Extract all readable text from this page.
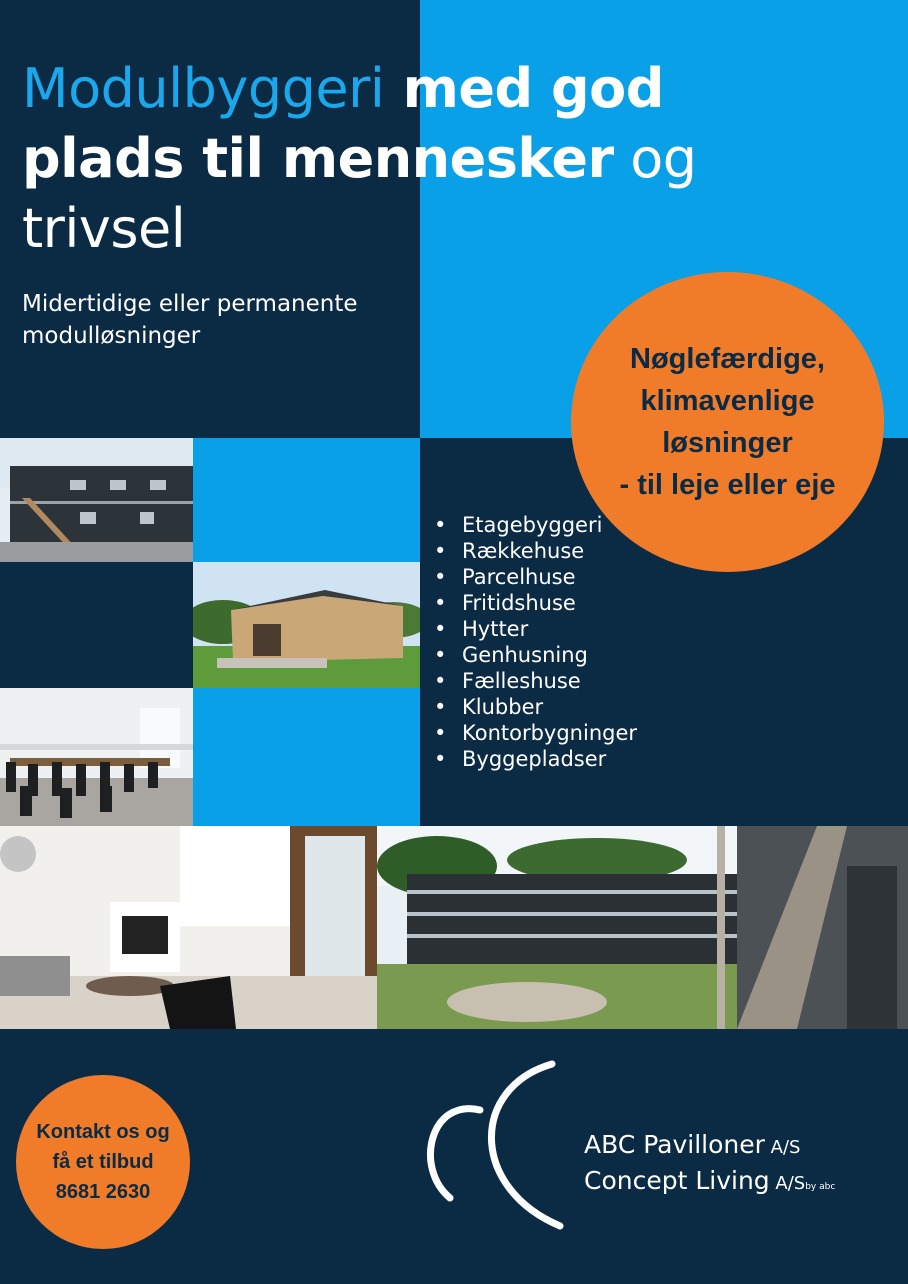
Modulbyggeri med god
plads til mennesker og
trivsel
Midertidige eller permanente
modulløsninger
Nøglefærdige,
klimavenlige
løsninger
- til leje eller eje
• Etagebyggeri
• Rækkehuse
• Parcelhuse
• Fritidshuse
• Hytter
• Genhusning
• Fælleshuse
• Klubber
• Kontorbygninger
• Byggepladser
Kontakt os og
få et tilbud
8681 2630
ABC Pavilloner A/S
Concept Living A/Sby abc
